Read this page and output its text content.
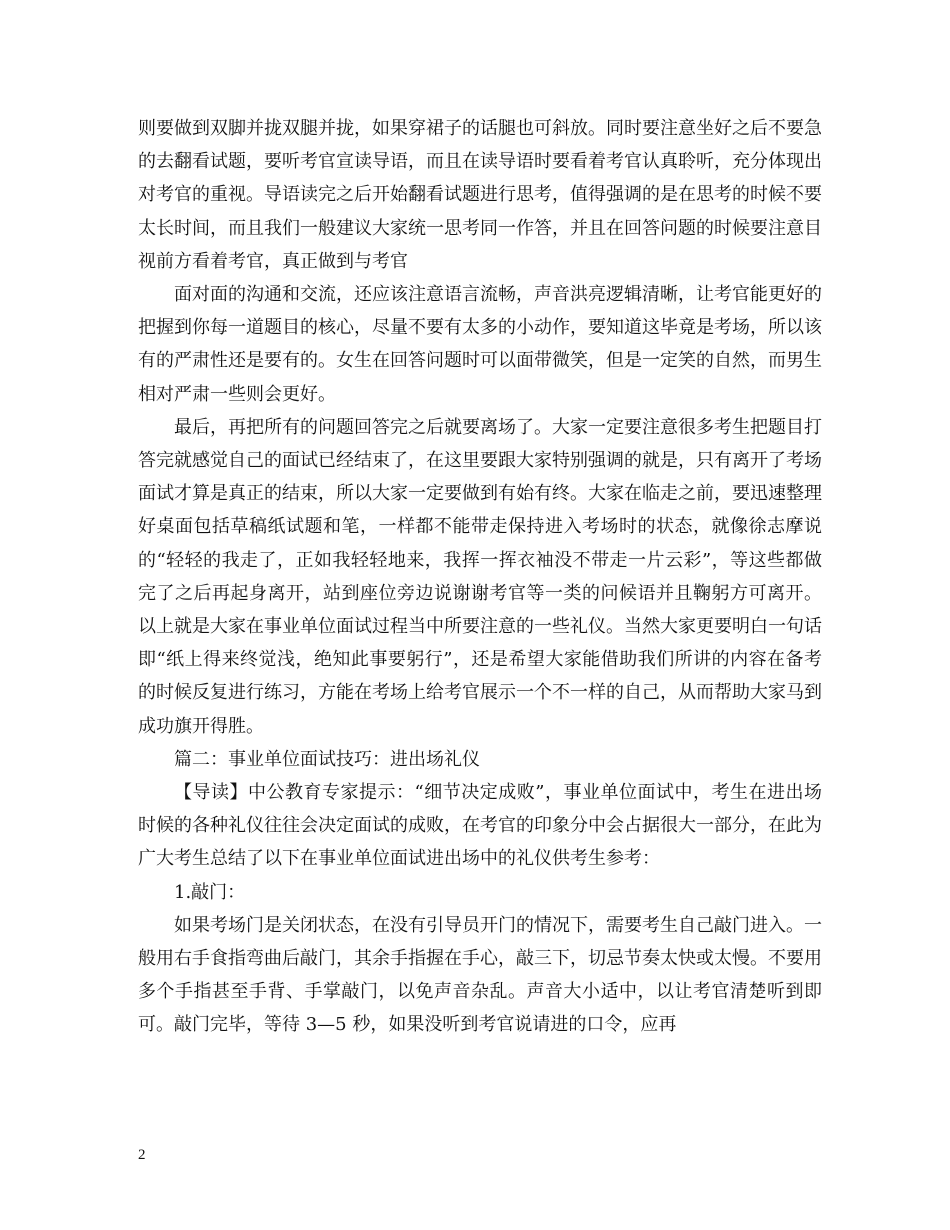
则要做到双脚并拢双腿并拢，如果穿裙子的话腿也可斜放。同时要注意坐好之后不要急的去翻看试题，要听考官宣读导语，而且在读导语时要看着考官认真聆听，充分体现出对考官的重视。导语读完之后开始翻看试题进行思考，值得强调的是在思考的时候不要太长时间，而且我们一般建议大家统一思考同一作答，并且在回答问题的时候要注意目视前方看着考官，真正做到与考官

面对面的沟通和交流，还应该注意语言流畅，声音洪亮逻辑清晰，让考官能更好的把握到你每一道题目的核心，尽量不要有太多的小动作，要知道这毕竟是考场，所以该有的严肃性还是要有的。女生在回答问题时可以面带微笑，但是一定笑的自然，而男生相对严肃一些则会更好。

最后，再把所有的问题回答完之后就要离场了。大家一定要注意很多考生把题目打答完就感觉自己的面试已经结束了，在这里要跟大家特别强调的就是，只有离开了考场面试才算是真正的结束，所以大家一定要做到有始有终。大家在临走之前，要迅速整理好桌面包括草稿纸试题和笔，一样都不能带走保持进入考场时的状态，就像徐志摩说的“轻轻的我走了，正如我轻轻地来，我挥一挥衣袖没不带走一片云彩”，等这些都做完了之后再起身离开，站到座位旁边说谢谢考官等一类的问候语并且鞠躬方可离开。 以上就是大家在事业单位面试过程当中所要注意的一些礼仪。当然大家更要明白一句话即“纸上得来终觉浅，绝知此事要躬行”，还是希望大家能借助我们所讲的内容在备考的时候反复进行练习，方能在考场上给考官展示一个不一样的自己，从而帮助大家马到成功旗开得胜。

篇二：事业单位面试技巧：进出场礼仪

【导读】中公教育专家提示：“细节决定成败”，事业单位面试中，考生在进出场时候的各种礼仪往往会决定面试的成败，在考官的印象分中会占据很大一部分，在此为广大考生总结了以下在事业单位面试进出场中的礼仪供考生参考：

1.敲门：

如果考场门是关闭状态，在没有引导员开门的情况下，需要考生自己敲门进入。一般用右手食指弯曲后敲门，其余手指握在手心，敲三下，切忌节奏太快或太慢。不要用多个手指甚至手背、手掌敲门，以免声音杂乱。声音大小适中，以让考官清楚听到即可。敲门完毕，等待 3—5 秒，如果没听到考官说请进的口令，应再

2
